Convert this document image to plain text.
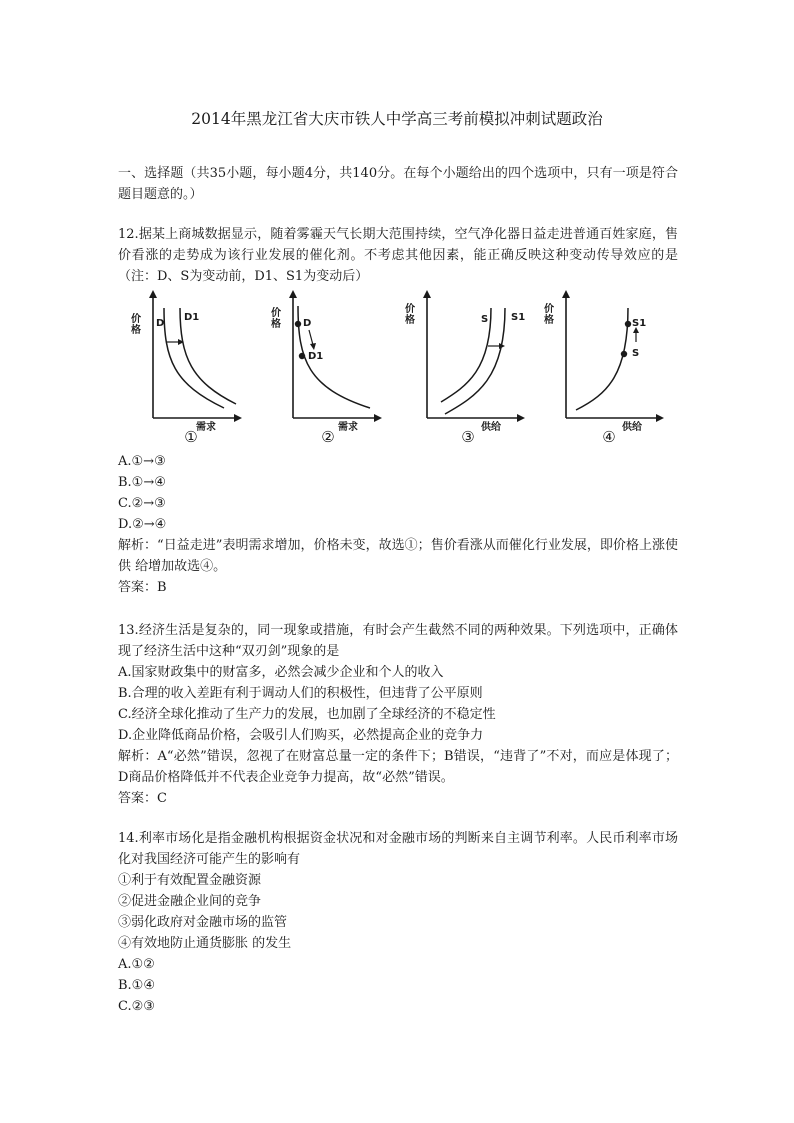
2014年黑龙江省大庆市铁人中学高三考前模拟冲刺试题政治

一、选择题（共35小题，每小题4分，共140分。在每个小题给出的四个选项中，只有一项是符合题目题意的。）

12.据某上商城数据显示，随着雾霾天气长期大范围持续，空气净化器日益走进普通百姓家庭，售价看涨的走势成为该行业发展的催化剂。不考虑其他因素，能正确反映这种变动传导效应的是（注：D、S为变动前，D1、S1为变动后）

价格
需求
D
D1
①
价格
需求
D
D1
②
价格
供给
S S1
③
价格
供给
S
S1
④

A.①→③

B.①→④

C.②→③

D.②→④

解析：“日益走进”表明需求增加，价格未变，故选①；售价看涨从而催化行业发展，即价格上涨使供 给增加故选④。

答案：B

13.经济生活是复杂的，同一现象或措施，有时会产生截然不同的两种效果。下列选项中，正确体现了经济生活中这种“双刃剑”现象的是

A.国家财政集中的财富多，必然会减少企业和个人的收入

B.合理的收入差距有利于调动人们的积极性，但违背了公平原则

C.经济全球化推动了生产力的发展，也加剧了全球经济的不稳定性

D.企业降低商品价格，会吸引人们购买，必然提高企业的竞争力

解析：A“必然”错误，忽视了在财富总量一定的条件下；B错误，“违背了”不对，而应是体现了；D商品价格降低并不代表企业竞争力提高，故“必然”错误。

答案：C

14.利率市场化是指金融机构根据资金状况和对金融市场的判断来自主调节利率。人民币利率市场化对我国经济可能产生的影响有

①利于有效配置金融资源

②促进金融企业间的竞争

③弱化政府对金融市场的监管

④有效地防止通货膨胀 的发生

A.①②

B.①④

C.②③
